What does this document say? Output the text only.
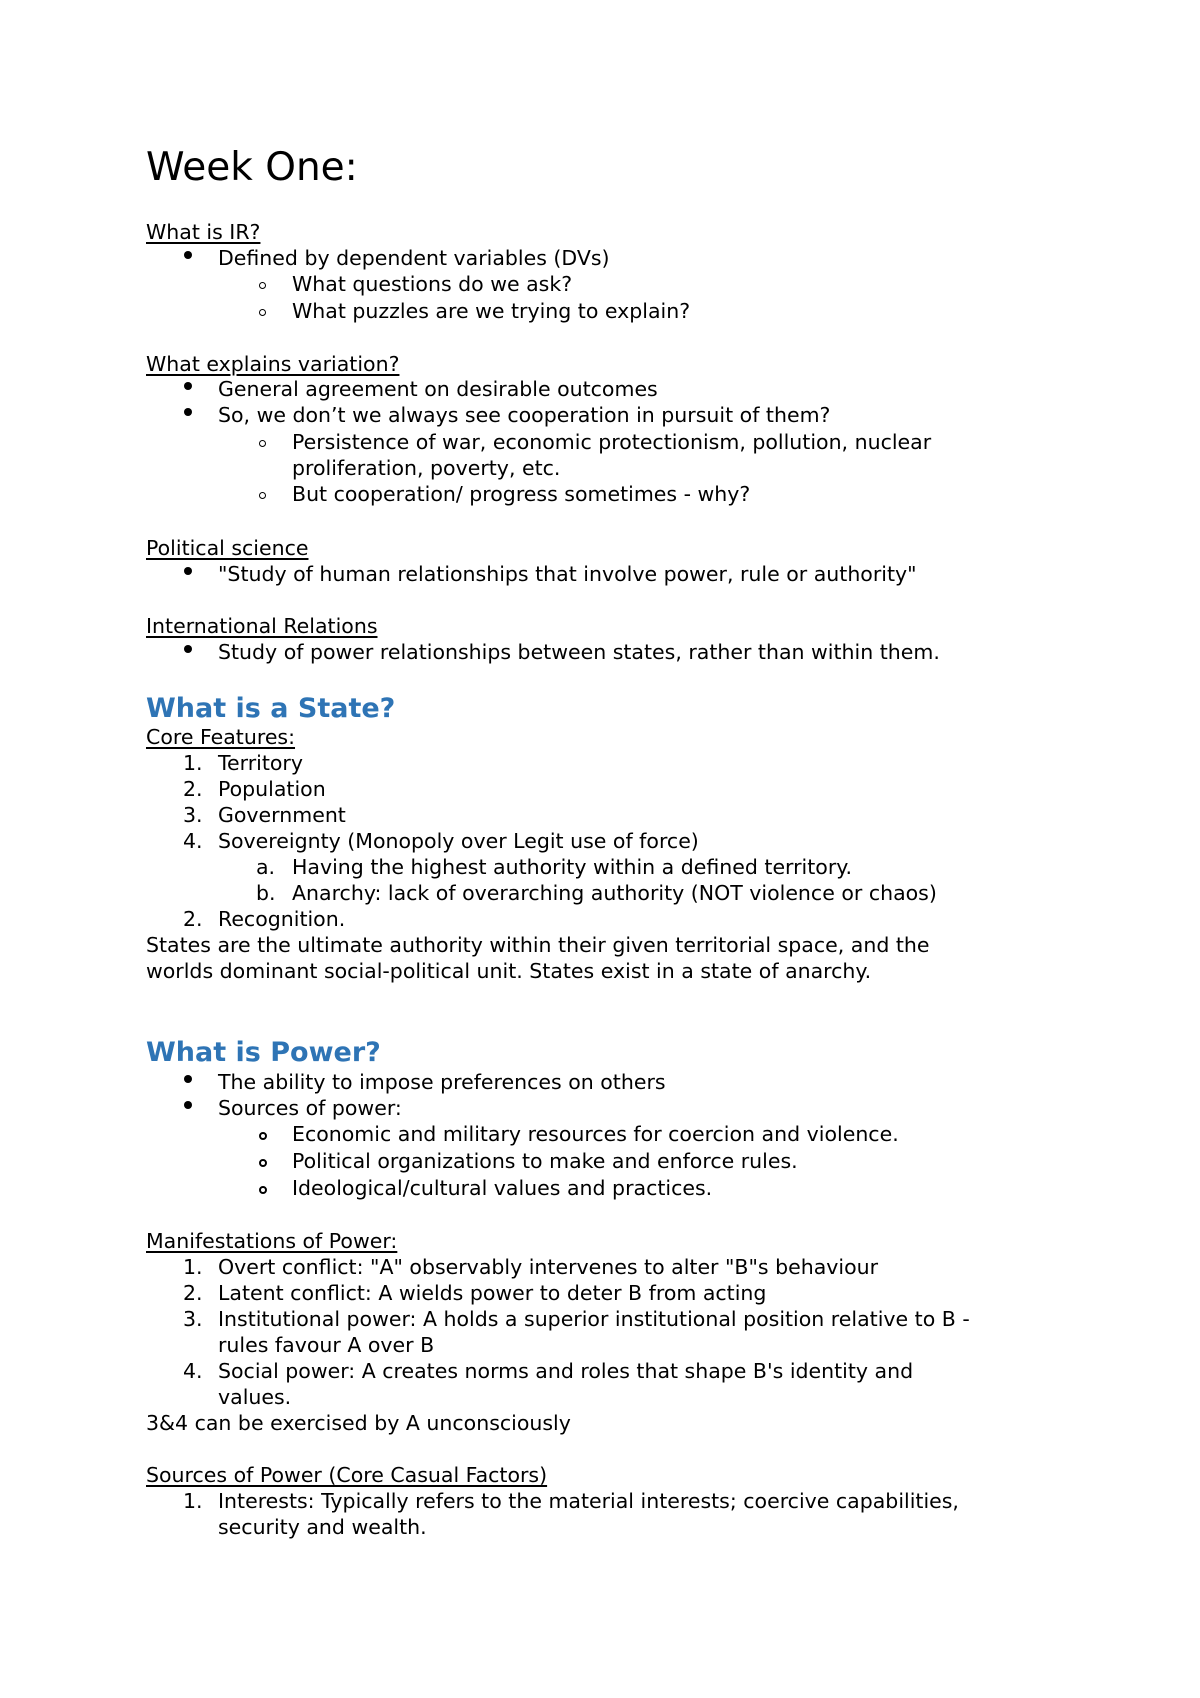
Week One:
What is IR?
Defined by dependent variables (DVs)
What questions do we ask?
What puzzles are we trying to explain?
What explains variation?
General agreement on desirable outcomes
So, we don’t we always see cooperation in pursuit of them?
Persistence of war, economic protectionism, pollution, nuclear
proliferation, poverty, etc.
But cooperation/ progress sometimes - why?
Political science
"Study of human relationships that involve power, rule or authority"
International Relations
Study of power relationships between states, rather than within them.
What is a State?
Core Features:
1. Territory
2. Population
3. Government
4. Sovereignty (Monopoly over Legit use of force)
a. Having the highest authority within a defined territory.
b. Anarchy: lack of overarching authority (NOT violence or chaos)
2. Recognition.
States are the ultimate authority within their given territorial space, and the
worlds dominant social-political unit. States exist in a state of anarchy.
What is Power?
The ability to impose preferences on others
Sources of power:
Economic and military resources for coercion and violence.
Political organizations to make and enforce rules.
Ideological/cultural values and practices.
Manifestations of Power:
1. Overt conflict: "A" observably intervenes to alter "B"s behaviour
2. Latent conflict: A wields power to deter B from acting
3. Institutional power: A holds a superior institutional position relative to B -
rules favour A over B
4. Social power: A creates norms and roles that shape B's identity and
values.
3&4 can be exercised by A unconsciously
Sources of Power (Core Casual Factors)
1. Interests: Typically refers to the material interests; coercive capabilities,
security and wealth.
